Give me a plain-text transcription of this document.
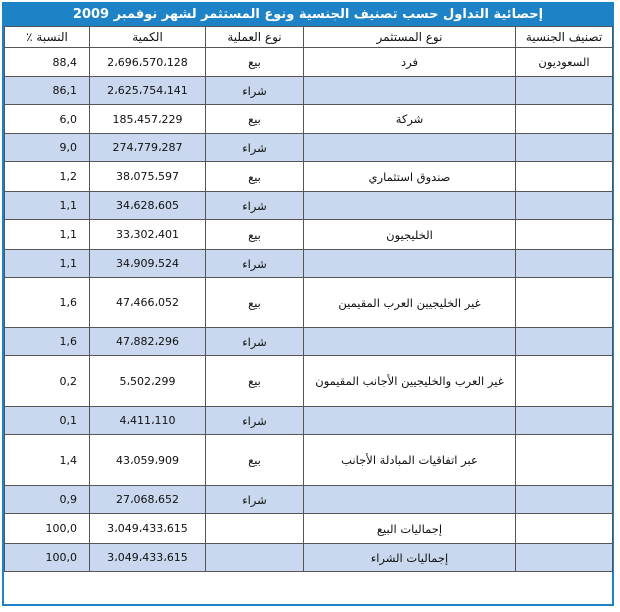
إحصائية التداول حسب تصنيف الجنسية ونوع المستثمر لشهر نوفمبر 2009
تصنيف الجنسية	نوع المستثمر	نوع العملية	الكمية	النسبة ٪
السعوديون	فرد	بيع	2،696،570،128	88,4
		شراء	2،625،754،141	86,1
	شركة	بيع	185،457،229	6,0
		شراء	274،779،287	9,0
	صندوق استثماري	بيع	38،075،597	1,2
		شراء	34،628،605	1,1
	الخليجيون	بيع	33،302،401	1,1
		شراء	34،909،524	1,1
	غير الخليجيين العرب المقيمين	بيع	47،466،052	1,6
		شراء	47،882،296	1,6
	غير العرب والخليجيين الأجانب المقيمون	بيع	5،502،299	0,2
		شراء	4،411،110	0,1
	عبر اتفاقيات المبادلة الأجانب	بيع	43،059،909	1,4
		شراء	27،068،652	0,9
	إجماليات البيع		3،049،433،615	100,0
	إجماليات الشراء		3،049،433،615	100,0
